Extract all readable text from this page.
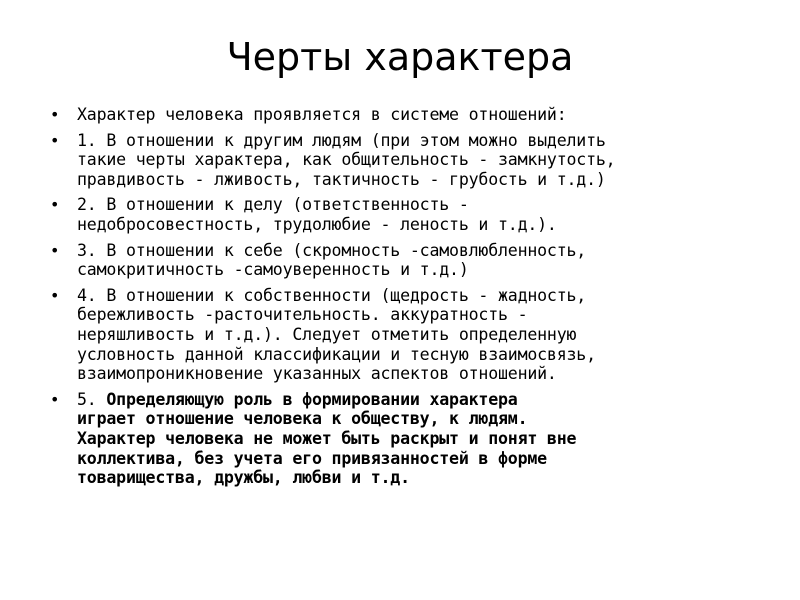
Черты характера
• Характер человека проявляется в системе отношений:
• 1. В отношении к другим людям (при этом можно выделить
такие черты характера, как общительность - замкнутость,
правдивость - лживость, тактичность - грубость и т.д.)
• 2. В отношении к делу (ответственность -
недобросовестность, трудолюбие - леность и т.д.).
• 3. В отношении к себе (скромность -самовлюбленность,
самокритичность -самоуверенность и т.д.)
• 4. В отношении к собственности (щедрость - жадность,
бережливость -расточительность. аккуратность -
неряшливость и т.д.). Следует отметить определенную
условность данной классификации и тесную взаимосвязь,
взаимопроникновение указанных аспектов отношений.
• 5. Определяющую роль в формировании характера
играет отношение человека к обществу, к людям.
Характер человека не может быть раскрыт и понят вне
коллектива, без учета его привязанностей в форме
товарищества, дружбы, любви и т.д.
